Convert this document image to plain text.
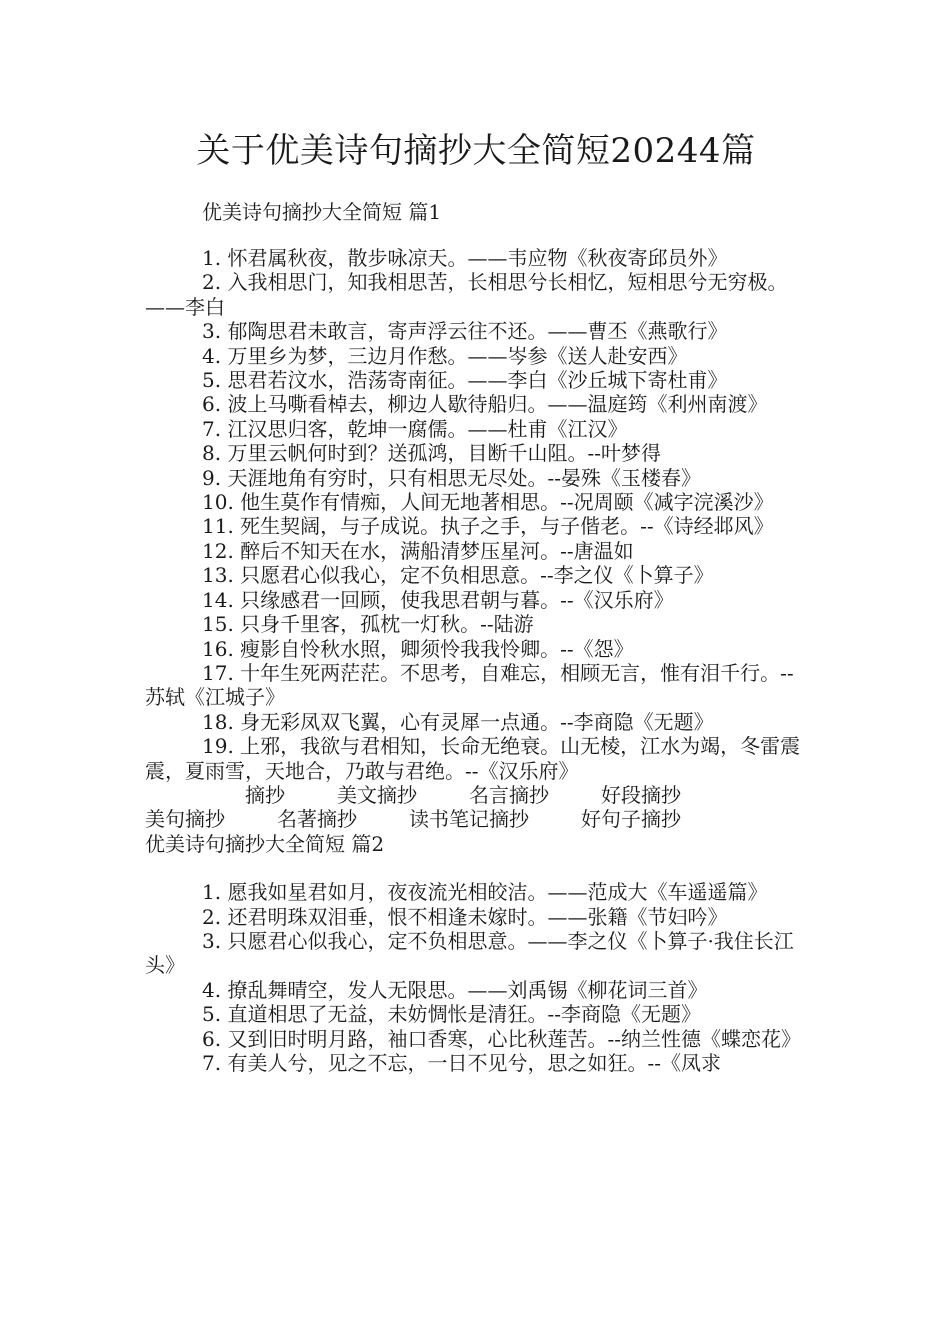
关于优美诗句摘抄大全简短20244篇

优美诗句摘抄大全简短 篇1

1. 怀君属秋夜，散步咏凉天。——韦应物《秋夜寄邱员外》

2. 入我相思门，知我相思苦，长相思兮长相忆，短相思兮无穷极。——李白

3. 郁陶思君未敢言，寄声浮云往不还。——曹丕《燕歌行》

4. 万里乡为梦，三边月作愁。——岑参《送人赴安西》

5. 思君若汶水，浩荡寄南征。——李白《沙丘城下寄杜甫》

6. 波上马嘶看棹去，柳边人歇待船归。——温庭筠《利州南渡》

7. 江汉思归客，乾坤一腐儒。——杜甫《江汉》

8. 万里云帆何时到？送孤鸿，目断千山阻。--叶梦得

9. 天涯地角有穷时，只有相思无尽处。--晏殊《玉楼春》

10. 他生莫作有情痴，人间无地著相思。--况周颐《减字浣溪沙》

11. 死生契阔，与子成说。执子之手，与子偕老。--《诗经邶风》

12. 醉后不知天在水，满船清梦压星河。--唐温如

13. 只愿君心似我心，定不负相思意。--李之仪《卜算子》

14. 只缘感君一回顾，使我思君朝与暮。--《汉乐府》

15. 只身千里客，孤枕一灯秋。--陆游

16. 瘦影自怜秋水照，卿须怜我我怜卿。--《怨》

17. 十年生死两茫茫。不思考，自难忘，相顾无言，惟有泪千行。--苏轼《江城子》

18. 身无彩凤双飞翼，心有灵犀一点通。--李商隐《无题》

19. 上邪，我欲与君相知，长命无绝衰。山无棱，江水为竭，冬雷震震，夏雨雪，天地合，乃敢与君绝。--《汉乐府》

摘抄	美文摘抄	名言摘抄	好段摘抄美句摘抄	名著摘抄	读书笔记摘抄	好句子摘抄优美诗句摘抄大全简短 篇2

1. 愿我如星君如月，夜夜流光相皎洁。——范成大《车遥遥篇》

2. 还君明珠双泪垂，恨不相逢未嫁时。——张籍《节妇吟》

3. 只愿君心似我心，定不负相思意。——李之仪《卜算子·我住长江头》

4. 撩乱舞晴空，发人无限思。——刘禹锡《柳花词三首》

5. 直道相思了无益，未妨惆怅是清狂。--李商隐《无题》

6. 又到旧时明月路，袖口香寒，心比秋莲苦。--纳兰性德《蝶恋花》

7. 有美人兮，见之不忘，一日不见兮，思之如狂。--《凤求
